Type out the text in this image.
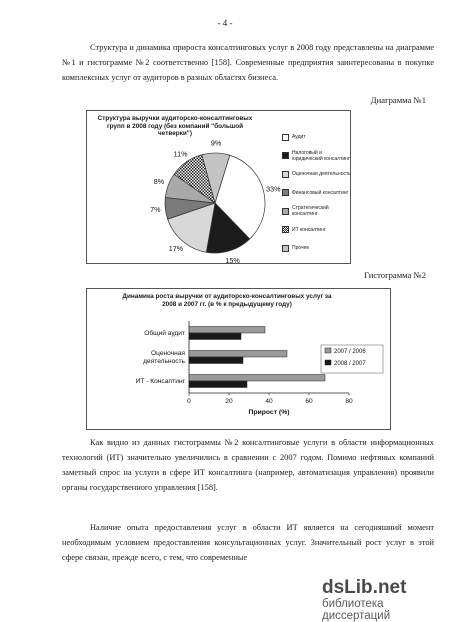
- 4 -

Структура и динамика прироста консалтинговых услуг в 2008 году представлены на диаграмме №1 и гистограмме №2 соответственно [158]. Современные предприятия заинтересованы в покупке комплексных услуг от аудиторов в разных областях бизнеса.

Диаграмма №1
Структура выручки аудиторско-консалтинговых групп в 2008 году (без компаний "большой четверки")
33%
15%
17%
7%
8%
11%
9%
Аудит
Налоговый и юридический консалтинг
Оценочная деятельность
Финансовый консалтинг
Стратегический консалтинг
ИТ консалтинг
Прочее
Гистограмма №2
Динамика роста выручки от аудиторско-консалтинговых услуг за 2008 и 2007 гг. (в % к предыдущему году)
Общий аудит
Оценочная деятельность
ИТ - Консалтинг
0	20	40	60	80
Прирост (%)
2007 / 2006
2008 / 2007

Как видно из данных гистограммы №2 консалтинговые услуги в области информационных технологий (ИТ) значительно увеличились в сравнении с 2007 годом. Помимо нефтяных компаний заметный спрос на услуги в сфере ИТ консалтинга (например, автоматизация управления) проявили органы государственного управления [158].

Наличие опыта предоставления услуг в области ИТ является на сегодняшний момент необходимым условием предоставления консультационных услуг. Значительный рост услуг в этой сфере связан, прежде всего, с тем, что современные

dsLib.net
библиотека диссертаций
